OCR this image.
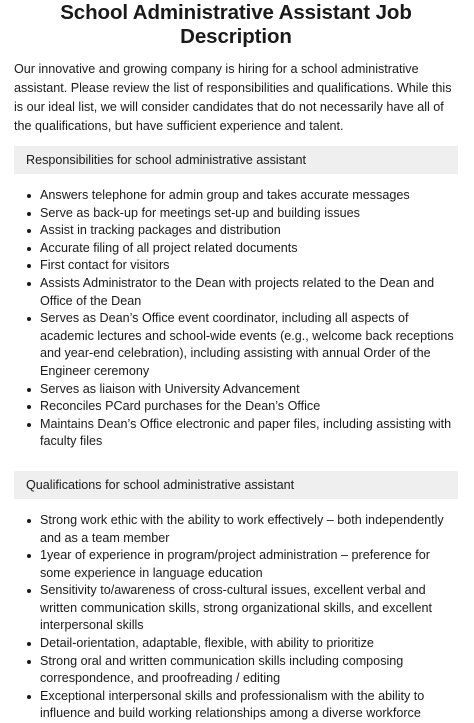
School Administrative Assistant Job Description

Our innovative and growing company is hiring for a school administrative assistant. Please review the list of responsibilities and qualifications. While this is our ideal list, we will consider candidates that do not necessarily have all of the qualifications, but have sufficient experience and talent.

Responsibilities for school administrative assistant
Answers telephone for admin group and takes accurate messages
Serve as back-up for meetings set-up and building issues
Assist in tracking packages and distribution
Accurate filing of all project related documents
First contact for visitors
Assists Administrator to the Dean with projects related to the Dean and Office of the Dean
Serves as Dean’s Office event coordinator, including all aspects of academic lectures and school-wide events (e.g., welcome back receptions and year-end celebration), including assisting with annual Order of the Engineer ceremony
Serves as liaison with University Advancement
Reconciles PCard purchases for the Dean’s Office
Maintains Dean’s Office electronic and paper files, including assisting with faculty files
Qualifications for school administrative assistant
Strong work ethic with the ability to work effectively – both independently and as a team member
1year of experience in program/project administration – preference for some experience in language education
Sensitivity to/awareness of cross-cultural issues, excellent verbal and written communication skills, strong organizational skills, and excellent interpersonal skills
Detail-orientation, adaptable, flexible, with ability to prioritize
Strong oral and written communication skills including composing correspondence, and proofreading / editing
Exceptional interpersonal skills and professionalism with the ability to influence and build working relationships among a diverse workforce
